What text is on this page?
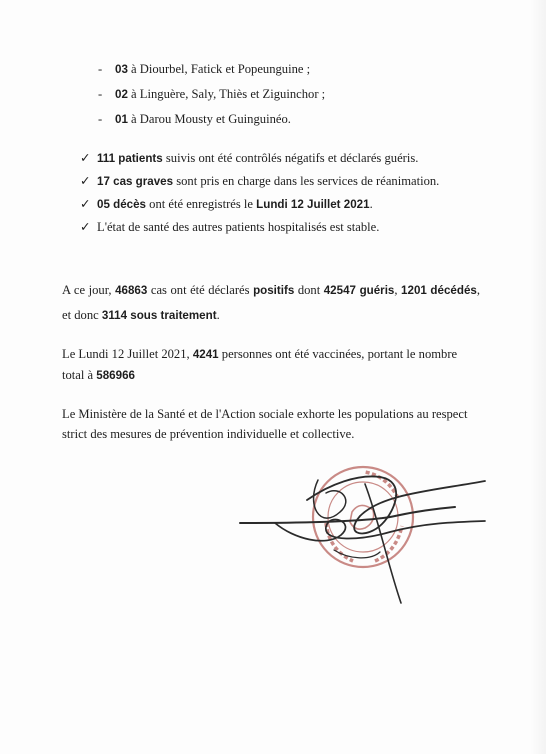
- 03 à Diourbel, Fatick et Popeunguine ;
- 02 à Linguère, Saly, Thiès et Ziguinchor ;
- 01 à Darou Mousty et Guinguinéo.
✓ 111 patients suivis ont été contrôlés négatifs et déclarés guéris.
✓ 17 cas graves sont pris en charge dans les services de réanimation.
✓ 05 décès ont été enregistrés le Lundi 12 Juillet 2021.
✓ L'état de santé des autres patients hospitalisés est stable.

A ce jour, 46863 cas ont été déclarés positifs dont 42547 guéris, 1201 décédés, et donc 3114 sous traitement.

Le Lundi 12 Juillet 2021, 4241 personnes ont été vaccinées, portant le nombre total à 586966

Le Ministère de la Santé et de l'Action sociale exhorte les populations au respect strict des mesures de prévention individuelle et collective.
